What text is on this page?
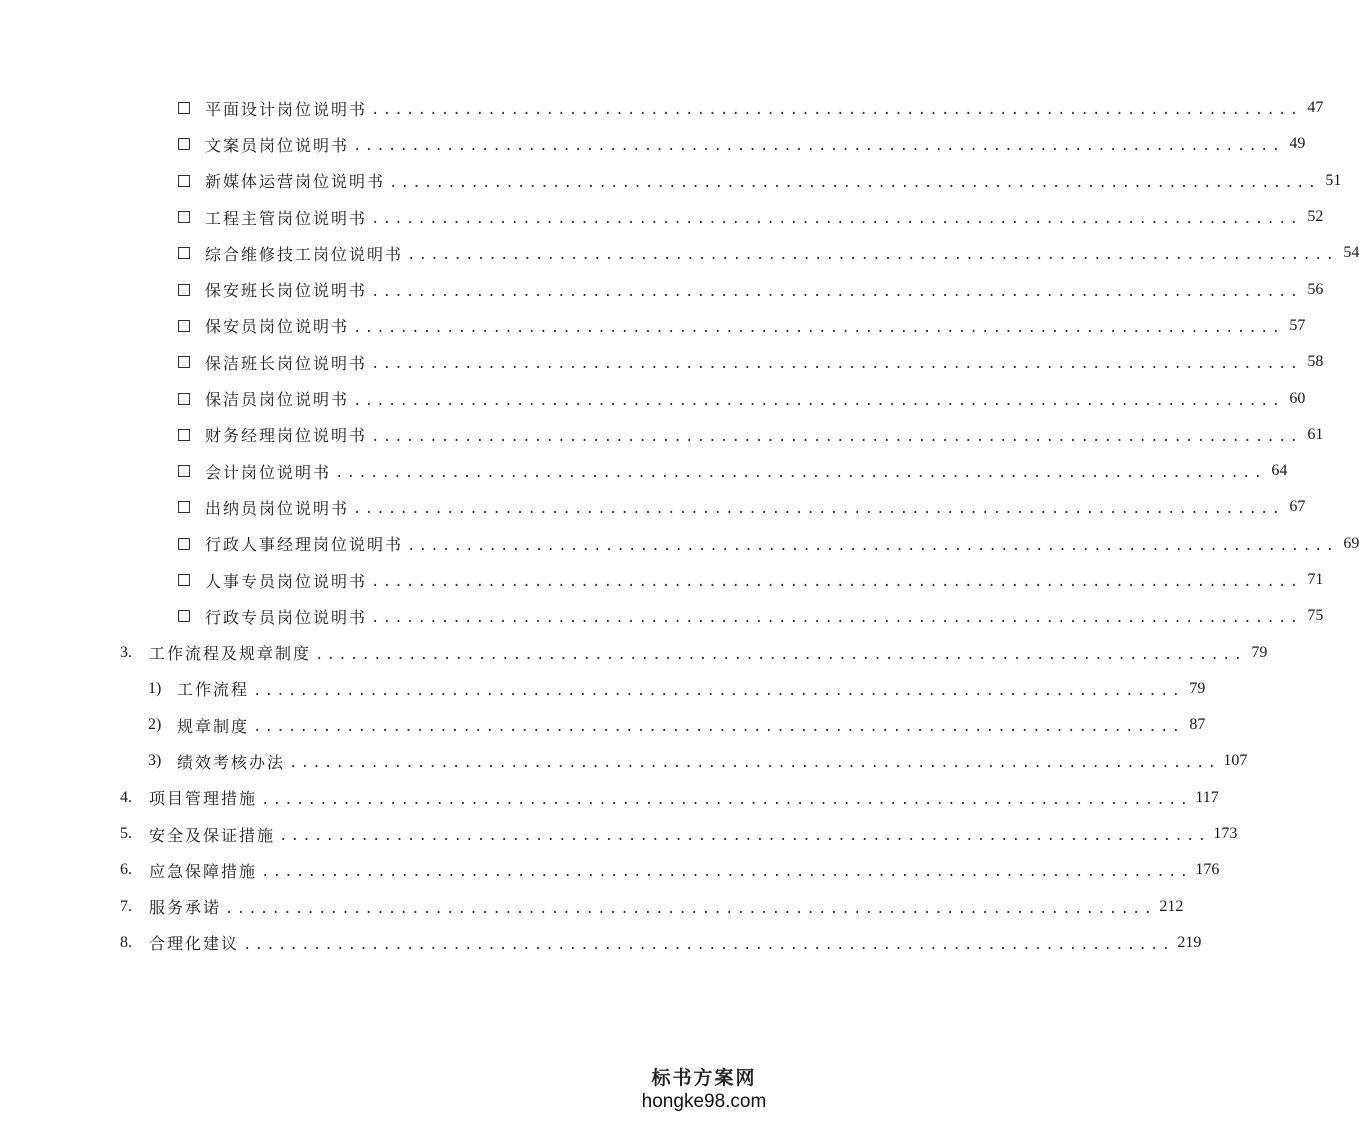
平面设计岗位说明书 ................................................................................ 47
文案员岗位说明书 ................................................................................ 49
新媒体运营岗位说明书 ................................................................................ 51
工程主管岗位说明书 ................................................................................ 52
综合维修技工岗位说明书 ................................................................................ 54
保安班长岗位说明书 ................................................................................ 56
保安员岗位说明书 ................................................................................ 57
保洁班长岗位说明书 ................................................................................ 58
保洁员岗位说明书 ................................................................................ 60
财务经理岗位说明书 ................................................................................ 61
会计岗位说明书 ................................................................................ 64
出纳员岗位说明书 ................................................................................ 67
行政人事经理岗位说明书 ................................................................................ 69
人事专员岗位说明书 ................................................................................ 71
行政专员岗位说明书 ................................................................................ 75
3. 工作流程及规章制度 ................................................................................ 79
1) 工作流程 ................................................................................ 79
2) 规章制度 ................................................................................ 87
3) 绩效考核办法 ................................................................................ 107
4. 项目管理措施 ................................................................................ 117
5. 安全及保证措施 ................................................................................ 173
6. 应急保障措施 ................................................................................ 176
7. 服务承诺 ................................................................................ 212
8. 合理化建议 ................................................................................ 219
标书方案网
hongke98.com
